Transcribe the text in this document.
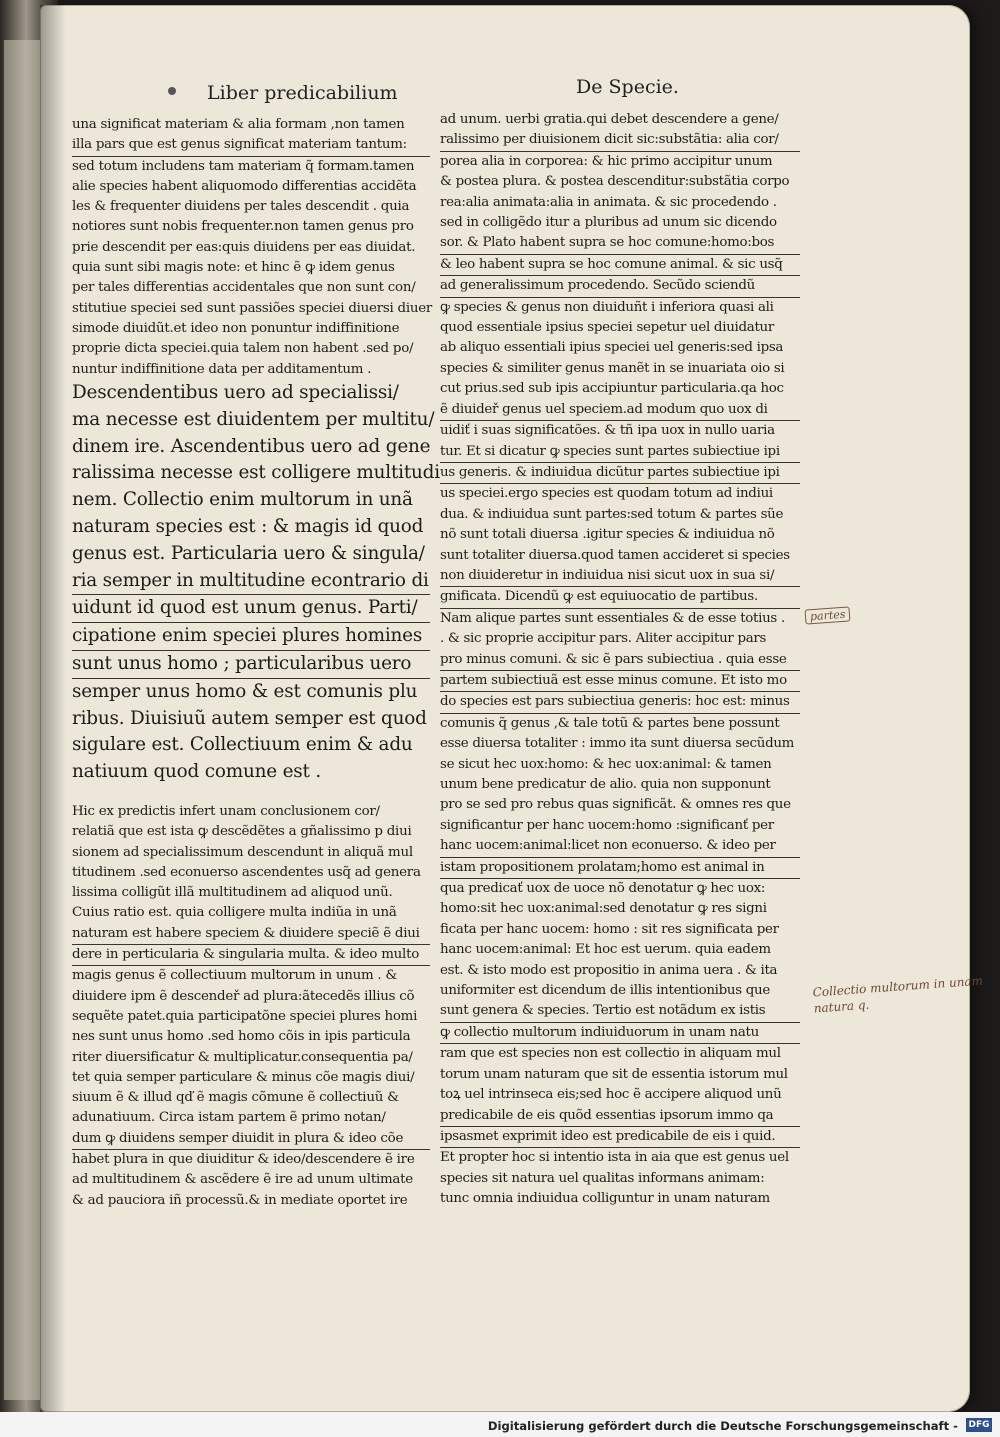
Liber predicabilium	De Specie.

una significat materiam & alia formam ,non tamen

illa pars que est genus significat materiam tantum:

sed totum includens tam materiam q̃ formam.tamen

alie species habent aliquomodo differentias accidẽta

les & frequenter diuidens per tales descendit . quia

notiores sunt nobis frequenter.non tamen genus pro

prie descendit per eas:quis diuidens per eas diuidat.

quia sunt sibi magis note: et hinc ẽ ꝙ idem genus

per tales differentias accidentales que non sunt con/

stitutiue speciei sed sunt passiões speciei diuersi diuer

simode diuidũt.et ideo non ponuntur indiffinitione

proprie dicta speciei.quia talem non habent .sed po/

nuntur indiffinitione data per additamentum .

Descendentibus uero ad specialissi/

ma necesse est diuidentem per multitu/

dinem ire. Ascendentibus uero ad gene

ralissima necesse est colligere multitudi

nem. Collectio enim multorum in unã

naturam species est : & magis id quod

genus est. Particularia uero & singula/

ria semper in multitudine econtrario di

uidunt id quod est unum genus. Parti/

cipatione enim speciei plures homines

sunt unus homo ; particularibus uero

semper unus homo & est comunis plu

ribus. Diuisiuũ autem semper est quod

sigulare est. Collectiuum enim & adu

natiuum quod comune est .

Hic ex predictis infert unam conclusionem cor/

relatiã que est ista ꝙ descẽdẽtes a gñalissimo p diui

sionem ad specialissimum descendunt in aliquã mul

titudinem .sed econuerso ascendentes usq̃ ad genera

lissima colligũt illã multitudinem ad aliquod unũ.

Cuius ratio est. quia colligere multa indiũa in unã

naturam est habere speciem & diuidere speciẽ ẽ diui

dere in perticularia & singularia multa. & ideo multo

magis genus ẽ collectiuum multorum in unum . &

diuidere ipm ẽ descendeř ad plura:ãtecedẽs illius cõ

sequẽte patet.quia participatõne speciei plures homi

nes sunt unus homo .sed homo cõis in ipis particula

riter diuersificatur & multiplicatur.consequentia pa/

tet quia semper particulare & minus cõe magis diui/

siuum ẽ & illud qď ẽ magis cõmune ẽ collectiuũ &

adunatiuum. Circa istam partem ẽ primo notan/

dum ꝙ diuidens semper diuidit in plura & ideo cõe

habet plura in que diuiditur & ideo/descendere ẽ ire

ad multitudinem & ascẽdere ẽ ire ad unum ultimate

& ad pauciora iñ processũ.& in mediate oportet ire

ad unum. uerbi gratia.qui debet descendere a gene/

ralissimo per diuisionem dicit sic:substãtia: alia cor/

porea alia in corporea: & hic primo accipitur unum

& postea plura. & postea descenditur:substãtia corpo

rea:alia animata:alia in animata. & sic procedendo .

sed in colligẽdo itur a pluribus ad unum sic dicendo

sor. & Plato habent supra se hoc comune:homo:bos

& leo habent supra se hoc comune animal. & sic usq̃

ad generalissimum procedendo. Secũdo sciendũ

ꝙ species & genus non diuiduñt i inferiora quasi ali

quod essentiale ipsius speciei sepetur uel diuidatur

ab aliquo essentiali ipius speciei uel generis:sed ipsa

species & similiter genus manẽt in se inuariata oio si

cut prius.sed sub ipis accipiuntur particularia.qa hoc

ẽ diuideř genus uel speciem.ad modum quo uox di

uidiť i suas significatões. & tñ ipa uox in nullo uaria

tur. Et si dicatur ꝙ species sunt partes subiectiue ipi

us generis. & indiuidua dicũtur partes subiectiue ipi

us speciei.ergo species est quodam totum ad indiui

dua. & indiuidua sunt partes:sed totum & partes sũe

nõ sunt totali diuersa .igitur species & indiuidua nõ

sunt totaliter diuersa.quod tamen accideret si species

non diuideretur in indiuidua nisi sicut uox in sua si/

gnificata. Dicendũ ꝙ est equiuocatio de partibus.

Nam alique partes sunt essentiales & de esse totius .

. & sic proprie accipitur pars. Aliter accipitur pars

pro minus comuni. & sic ẽ pars subiectiua . quia esse

partem subiectiuã est esse minus comune. Et isto mo

do species est pars subiectiua generis: hoc est: minus

comunis q̃ genus ,& tale totũ & partes bene possunt

esse diuersa totaliter : immo ita sunt diuersa secũdum

se sicut hec uox:homo: & hec uox:animal: & tamen

unum bene predicatur de alio. quia non supponunt

pro se sed pro rebus quas significãt. & omnes res que

significantur per hanc uocem:homo :significanť per

hanc uocem:animal:licet non econuerso. & ideo per

istam propositionem prolatam;homo est animal in

qua predicať uox de uoce nõ denotatur ꝙ hec uox:

homo:sit hec uox:animal:sed denotatur ꝙ res signi

ficata per hanc uocem: homo : sit res significata per

hanc uocem:animal: Et hoc est uerum. quia eadem

est. & isto modo est propositio in anima uera . & ita

uniformiter est dicendum de illis intentionibus que

sunt genera & species. Tertio est notãdum ex istis

ꝙ collectio multorum indiuiduorum in unam natu

ram que est species non est collectio in aliquam mul

torum unam naturam que sit de essentia istorum mul

toꝝ uel intrinseca eis;sed hoc ẽ accipere aliquod unũ

predicabile de eis quõd essentias ipsorum immo qa

ipsasmet exprimit ideo est predicabile de eis i quid.

Et propter hoc si intentio ista in aia que est genus uel

species sit natura uel qualitas informans animam:

tunc omnia indiuidua colliguntur in unam naturam

partes
Collectio multorum in unam natura q.
Digitalisierung gefördert durch die Deutsche Forschungsgemeinschaft - DFG
